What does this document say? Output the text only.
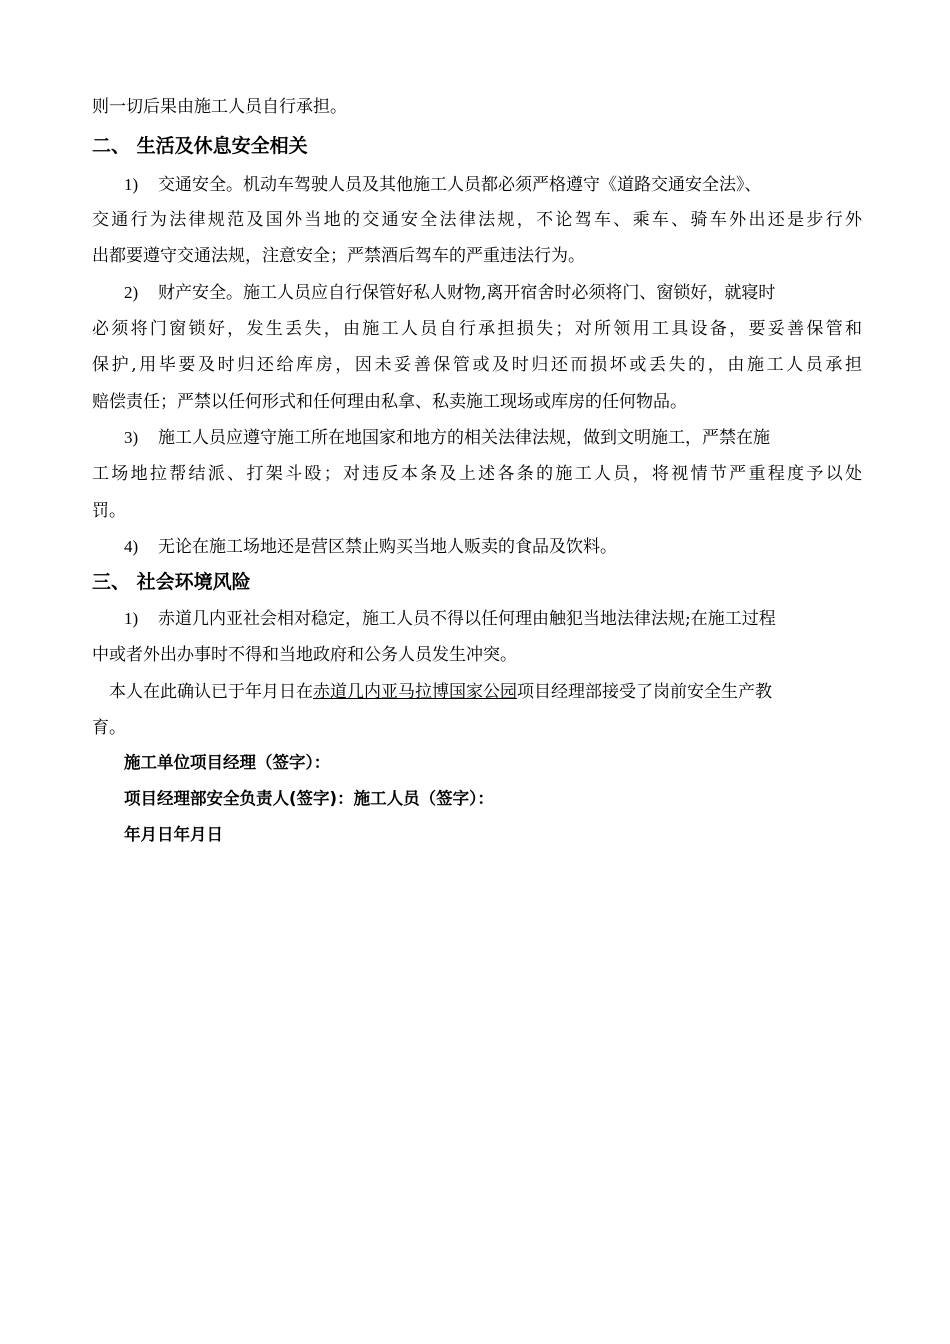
则一切后果由施工人员自行承担。
二、 生活及休息安全相关
1) 交通安全。机动车驾驶人员及其他施工人员都必须严格遵守《道路交通安全法》、
交通行为法律规范及国外当地的交通安全法律法规，不论驾车、乘车、骑车外出还是步行外
出都要遵守交通法规，注意安全；严禁酒后驾车的严重违法行为。
2) 财产安全。施工人员应自行保管好私人财物,离开宿舍时必须将门、窗锁好，就寝时
必须将门窗锁好，发生丢失，由施工人员自行承担损失；对所领用工具设备，要妥善保管和
保护,用毕要及时归还给库房，因未妥善保管或及时归还而损坏或丢失的，由施工人员承担
赔偿责任；严禁以任何形式和任何理由私拿、私卖施工现场或库房的任何物品。
3) 施工人员应遵守施工所在地国家和地方的相关法律法规，做到文明施工，严禁在施
工场地拉帮结派、打架斗殴；对违反本条及上述各条的施工人员，将视情节严重程度予以处
罚。
4) 无论在施工场地还是营区禁止购买当地人贩卖的食品及饮料。
三、 社会环境风险
1) 赤道几内亚社会相对稳定，施工人员不得以任何理由触犯当地法律法规;在施工过程
中或者外出办事时不得和当地政府和公务人员发生冲突。
本人在此确认已于年月日在赤道几内亚马拉博国家公园项目经理部接受了岗前安全生产教
育。
施工单位项目经理（签字）：
项目经理部安全负责人(签字)：施工人员（签字）：
年月日年月日
